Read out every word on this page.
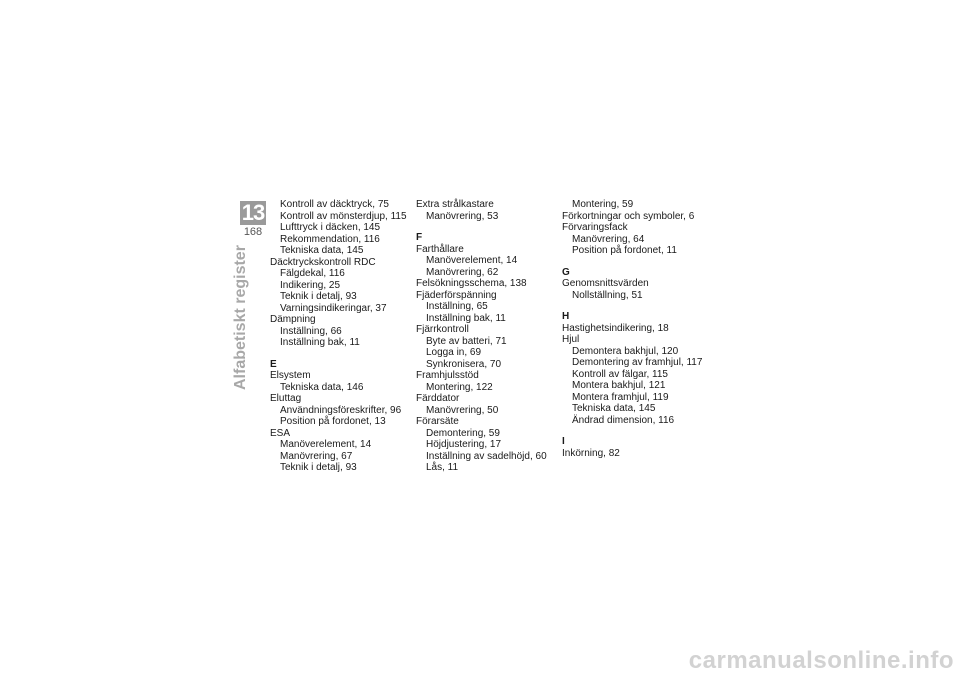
13
168
Alfabetiskt register
Kontroll av däcktryck, 75
Kontroll av mönsterdjup, 115
Lufttryck i däcken, 145
Rekommendation, 116
Tekniska data, 145
Däcktryckskontroll RDC
Fälgdekal, 116
Indikering, 25
Teknik i detalj, 93
Varningsindikeringar, 37
Dämpning
Inställning, 66
Inställning bak, 11
E
Elsystem
Tekniska data, 146
Eluttag
Användningsföreskrifter, 96
Position på fordonet, 13
ESA
Manöverelement, 14
Manövrering, 67
Teknik i detalj, 93
Extra strålkastare
Manövrering, 53
F
Farthållare
Manöverelement, 14
Manövrering, 62
Felsökningsschema, 138
Fjäderförspänning
Inställning, 65
Inställning bak, 11
Fjärrkontroll
Byte av batteri, 71
Logga in, 69
Synkronisera, 70
Framhjulsstöd
Montering, 122
Färddator
Manövrering, 50
Förarsäte
Demontering, 59
Höjdjustering, 17
Inställning av sadelhöjd, 60
Lås, 11
Montering, 59
Förkortningar och symboler, 6
Förvaringsfack
Manövrering, 64
Position på fordonet, 11
G
Genomsnittsvärden
Nollställning, 51
H
Hastighetsindikering, 18
Hjul
Demontera bakhjul, 120
Demontering av framhjul, 117
Kontroll av fälgar, 115
Montera bakhjul, 121
Montera framhjul, 119
Tekniska data, 145
Ändrad dimension, 116
I
Inkörning, 82
carmanualsonline.info
